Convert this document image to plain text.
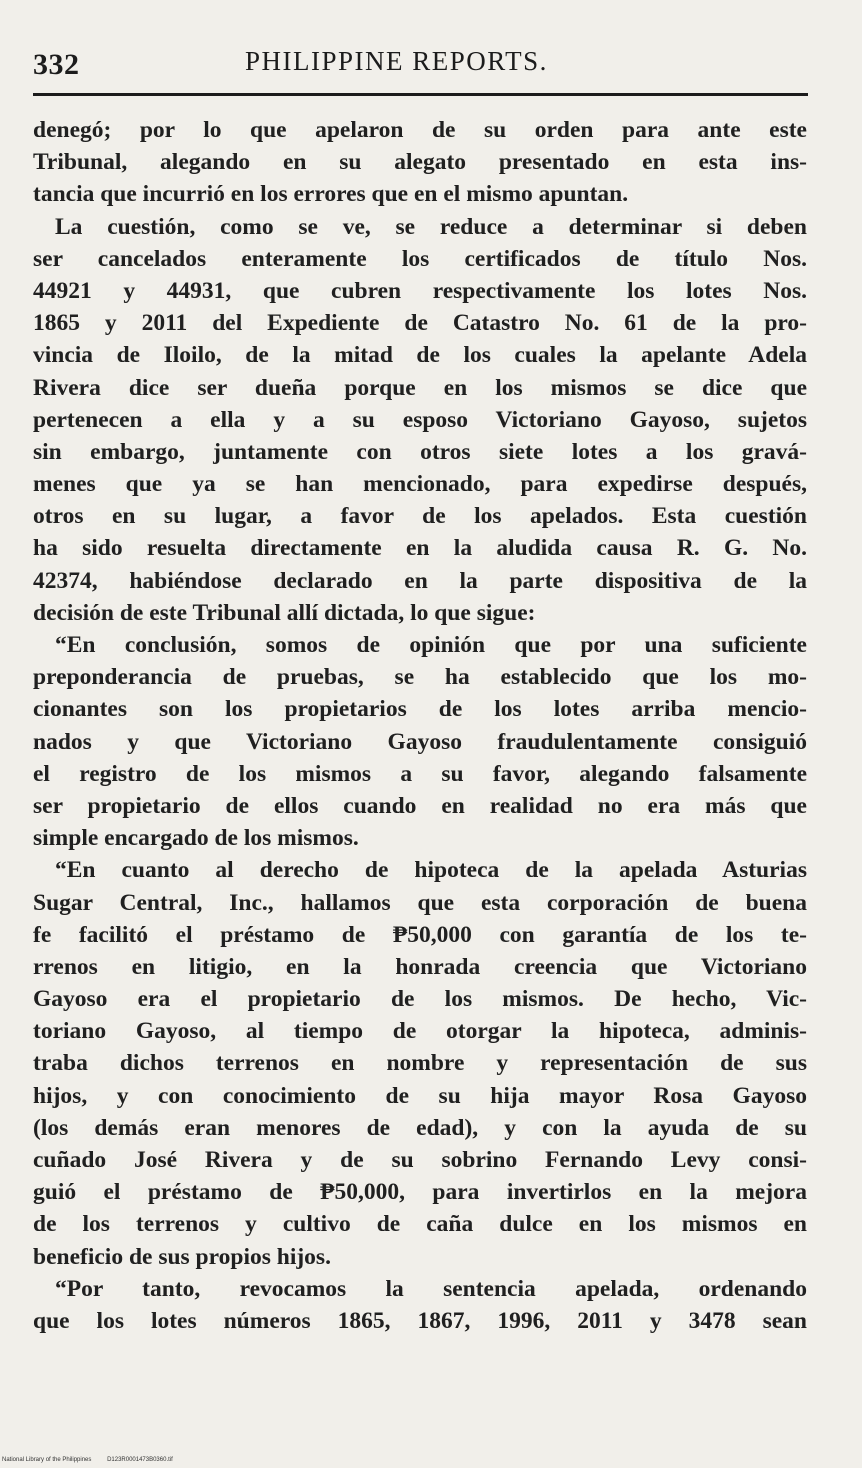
332	PHILIPPINE REPORTS.
denegó; por lo que apelaron de su orden para ante este
Tribunal, alegando en su alegato presentado en esta ins-
tancia que incurrió en los errores que en el mismo apuntan.
La cuestión, como se ve, se reduce a determinar si deben
ser cancelados enteramente los certificados de título Nos.
44921 y 44931, que cubren respectivamente los lotes Nos.
1865 y 2011 del Expediente de Catastro No. 61 de la pro-
vincia de Iloilo, de la mitad de los cuales la apelante Adela
Rivera dice ser dueña porque en los mismos se dice que
pertenecen a ella y a su esposo Victoriano Gayoso, sujetos
sin embargo, juntamente con otros siete lotes a los gravá-
menes que ya se han mencionado, para expedirse después,
otros en su lugar, a favor de los apelados. Esta cuestión
ha sido resuelta directamente en la aludida causa R. G. No.
42374, habiéndose declarado en la parte dispositiva de la
decisión de este Tribunal allí dictada, lo que sigue:
“En conclusión, somos de opinión que por una suficiente
preponderancia de pruebas, se ha establecido que los mo-
cionantes son los propietarios de los lotes arriba mencio-
nados y que Victoriano Gayoso fraudulentamente consiguió
el registro de los mismos a su favor, alegando falsamente
ser propietario de ellos cuando en realidad no era más que
simple encargado de los mismos.
“En cuanto al derecho de hipoteca de la apelada Asturias
Sugar Central, Inc., hallamos que esta corporación de buena
fe facilitó el préstamo de ₱50,000 con garantía de los te-
rrenos en litigio, en la honrada creencia que Victoriano
Gayoso era el propietario de los mismos. De hecho, Vic-
toriano Gayoso, al tiempo de otorgar la hipoteca, adminis-
traba dichos terrenos en nombre y representación de sus
hijos, y con conocimiento de su hija mayor Rosa Gayoso
(los demás eran menores de edad), y con la ayuda de su
cuñado José Rivera y de su sobrino Fernando Levy consi-
guió el préstamo de ₱50,000, para invertirlos en la mejora
de los terrenos y cultivo de caña dulce en los mismos en
beneficio de sus propios hijos.
“Por tanto, revocamos la sentencia apelada, ordenando
que los lotes números 1865, 1867, 1996, 2011 y 3478 sean
National Library of the Philippines	D123R0001473B0360.tif
